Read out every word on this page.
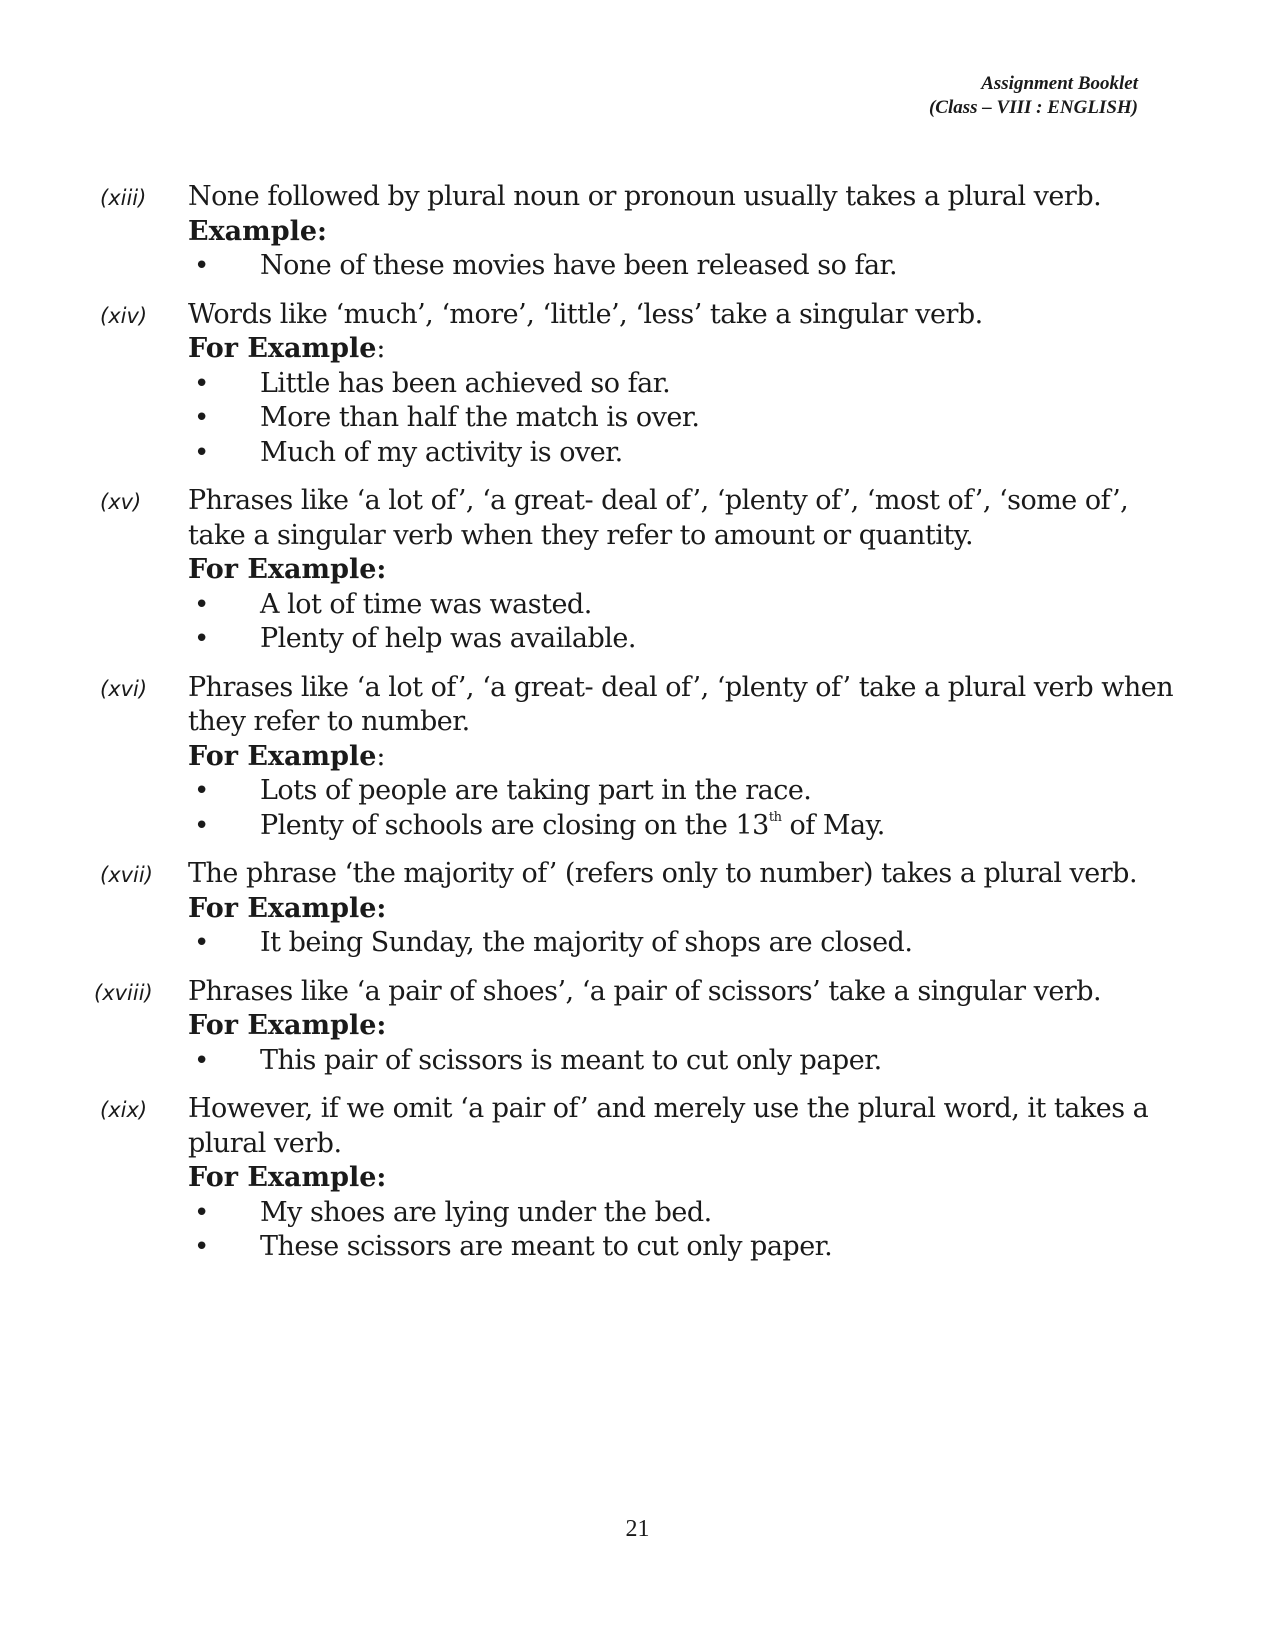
Assignment Booklet
(Class – VIII : ENGLISH)
(xiii)	None followed by plural noun or pronoun usually takes a plural verb.
Example:
• None of these movies have been released so far.
(xiv)	Words like ‘much’, ‘more’, ‘little’, ‘less’ take a singular verb.
For Example:
• Little has been achieved so far.
• More than half the match is over.
• Much of my activity is over.
(xv)	Phrases like ‘a lot of’, ‘a great- deal of’, ‘plenty of’, ‘most of’, ‘some of’, take a singular verb when they refer to amount or quantity.
For Example:
• A lot of time was wasted.
• Plenty of help was available.
(xvi)	Phrases like ‘a lot of’, ‘a great- deal of’, ‘plenty of’ take a plural verb when they refer to number.
For Example:
• Lots of people are taking part in the race.
• Plenty of schools are closing on the 13th of May.
(xvii) The phrase ‘the majority of’ (refers only to number) takes a plural verb.
For Example:
• It being Sunday, the majority of shops are closed.
(xviii) Phrases like ‘a pair of shoes’, ‘a pair of scissors’ take a singular verb.
For Example:
• This pair of scissors is meant to cut only paper.
(xix)	However, if we omit ‘a pair of’ and merely use the plural word, it takes a plural verb.
For Example:
• My shoes are lying under the bed.
• These scissors are meant to cut only paper.
21
